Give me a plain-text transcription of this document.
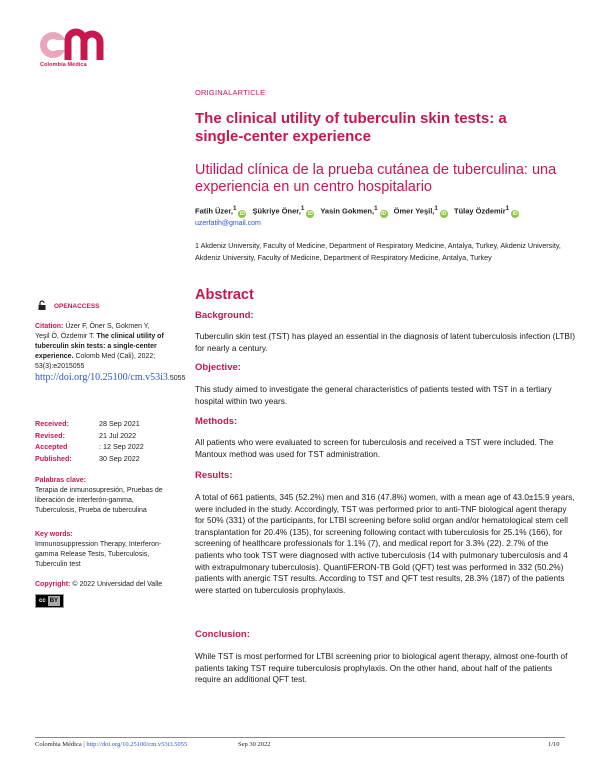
Colombia Médica
ORIGINALARTICLE
The clinical utility of tuberculin skin tests: a single-center experience
Utilidad clínica de la prueba cutánea de tuberculina: una experiencia en un centro hospitalario
Fatih Üzer,$^1$iD Şükriye Öner,$^1$iD Yasin Gokmen,$^1$iD Ömer Yeşil,$^1$iD Tülay Özdemir$^1$iD
uzerfatih@gmail.com
1 Akdeniz University, Faculty of Medicine, Department of Respiratory Medicine, Antalya, Turkey, Akdeniz University, Akdeniz University, Faculty of Medicine, Department of Respiratory Medicine, Antalya, Turkey
Abstract
Background:
Tuberculin skin test (TST) has played an essential in the diagnosis of latent tuberculosis infection (LTBI) for nearly a century.
Objective:
This study aimed to investigate the general characteristics of patients tested with TST in a tertiary hospital within two years.
Methods:
All patients who were evaluated to screen for tuberculosis and received a TST were included. The Mantoux method was used for TST administration.
Results:
A total of 661 patients, 345 (52.2%) men and 316 (47.8%) women, with a mean age of 43.0±15.9 years, were included in the study. Accordingly, TST was performed prior to anti-TNF biological agent therapy for 50% (331) of the participants, for LTBI screening before solid organ and/or hematological stem cell transplantation for 20.4% (135), for screening following contact with tuberculosis for 25.1% (166), for screening of healthcare professionals for 1.1% (7), and medical report for 3.3% (22). 2.7% of the patients who took TST were diagnosed with active tuberculosis (14 with pulmonary tuberculosis and 4 with extrapulmonary tuberculosis). QuantiFERON-TB Gold (QFT) test was performed in 332 (50.2%) patients with anergic TST results. According to TST and QFT test results, 28.3% (187) of the patients were started on tuberculosis prophylaxis.
Conclusion:
While TST is most performed for LTBI screening prior to biological agent therapy, almost one-fourth of patients taking TST require tuberculosis prophylaxis. On the other hand, about half of the patients require an additional QFT test.
OPENACCESS
Citation: Üzer F, Öner S, Gokmen Y, Yeşil Ö, Özdemir T. The clinical utility of tuberculin skin tests: a single-center experience. Colomb Med (Cali), 2022; 53(3):e2015055
http://doi.org/10.25100/cm.v53i3.5055
Received:	28 Sep 2021
Revised:	21 Jul 2022
Accepted	: 12 Sep 2022
Published:	30 Sep 2022
Palabras clave:
Terapia de inmunosupresión, Pruebas de liberación de interferón-gamma, Tuberculosis, Prueba de tuberculina
Key words:
Immunosuppression Therapy, Interferon-gamma Release Tests, Tuberculosis, Tuberculin test
Copyright: © 2022 Universidad del Valle
cc BY
Colombia Médica | http://doi.org/10.25100/cm.v53i3.5055	Sep 30 2022	1/10
